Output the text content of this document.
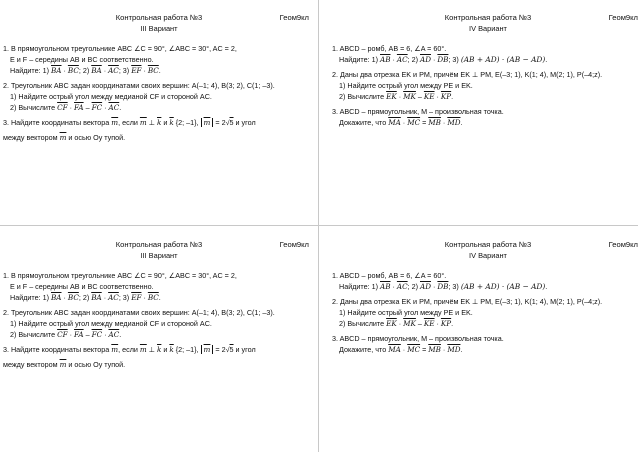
Контрольная работа №3	Геом9кл
III Вариант
1. В прямоугольном треугольнике ABC ∠C = 90°, ∠ABC = 30°, AC = 2,
E и F – середины AB и BC соответственно.
Найдите: 1) $\overline{BA} \cdot \overline{BC}$; 2) $\overline{BA} \cdot \overline{AC}$; 3) $\overline{EF} \cdot \overline{BC}$.
2. Треугольник ABC задан координатами своих вершин: A(–1; 4), B(3; 2), C(1; –3).
1) Найдите острый угол между медианой CF и стороной AC.
2) Вычислите $\overline{CF} \cdot \overline{FA} - \overline{FC} \cdot \overline{AC}$.
3. Найдите координаты вектора $\overline{m}$, если $\overline{m}$ ⊥ $\overline{k}$ и $\overline{k}$ {2; –1}, $\overline{m} = 2√5$ и угол
между вектором $\overline{m}$ и осью Oy тупой.
Контрольная работа №3	Геом9кл
IV Вариант
1. ABCD – ромб, AB = 6, ∠A = 60°.
Найдите: 1) $\overline{AB} \cdot \overline{AC}$; 2) $\overline{AD} \cdot \overline{DB}$; 3) (AB + AD) · (AB − AD).
2. Даны два отрезка EK и PM, причём EK ⊥ PM, E(–3; 1), K(1; 4), M(2; 1), P(–4;z).
1) Найдите острый угол между PE и EK.
2) Вычислите $\overline{EK} \cdot \overline{MK} - \overline{KE} \cdot \overline{KP}$.
3. ABCD – прямоугольник, M – произвольная точка.
Докажите, что $\overline{MA} \cdot \overline{MC} = \overline{MB} \cdot \overline{MD}$.
Контрольная работа №3	Геом9кл
III Вариант
1. В прямоугольном треугольнике ABC ∠C = 90°, ∠ABC = 30°, AC = 2,
E и F – середины AB и BC соответственно.
Найдите: 1) $\overline{BA} \cdot \overline{BC}$; 2) $\overline{BA} \cdot \overline{AC}$; 3) $\overline{EF} \cdot \overline{BC}$.
2. Треугольник ABC задан координатами своих вершин: A(–1; 4), B(3; 2), C(1; –3).
1) Найдите острый угол между медианой CF и стороной AC.
2) Вычислите $\overline{CF} \cdot \overline{FA} - \overline{FC} \cdot \overline{AC}$.
3. Найдите координаты вектора $\overline{m}$, если $\overline{m}$ ⊥ $\overline{k}$ и $\overline{k}$ {2; –1}, $\overline{m} = 2√5$ и угол
между вектором $\overline{m}$ и осью Oy тупой.
Контрольная работа №3	Геом9кл
IV Вариант
1. ABCD – ромб, AB = 6, ∠A = 60°.
Найдите: 1) $\overline{AB} \cdot \overline{AC}$; 2) $\overline{AD} \cdot \overline{DB}$; 3) (AB + AD) · (AB − AD).
2. Даны два отрезка EK и PM, причём EK ⊥ PM, E(–3; 1), K(1; 4), M(2; 1), P(–4;z).
1) Найдите острый угол между PE и EK.
2) Вычислите $\overline{EK} \cdot \overline{MK} - \overline{KE} \cdot \overline{KP}$.
3. ABCD – прямоугольник, M – произвольная точка.
Докажите, что $\overline{MA} \cdot \overline{MC} = \overline{MB} \cdot \overline{MD}$.
